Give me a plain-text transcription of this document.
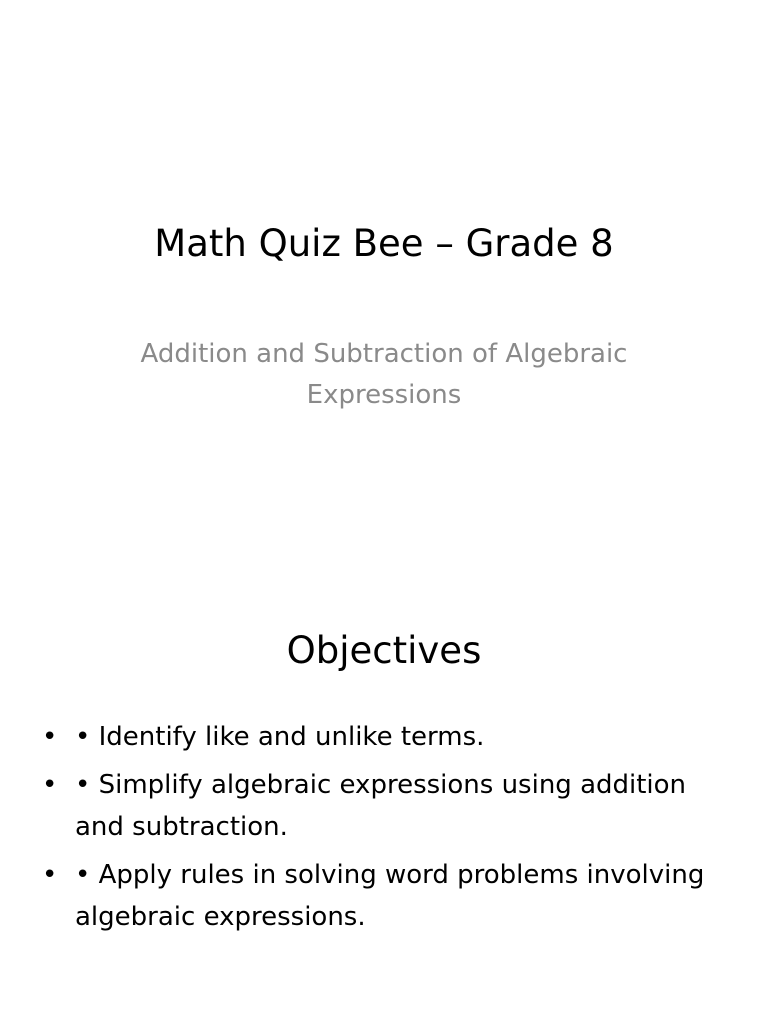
Math Quiz Bee – Grade 8

Addition and Subtraction of Algebraic Expressions

Objectives
• • Identify like and unlike terms.
• • Simplify algebraic expressions using addition and subtraction.
• • Apply rules in solving word problems involving algebraic expressions.
